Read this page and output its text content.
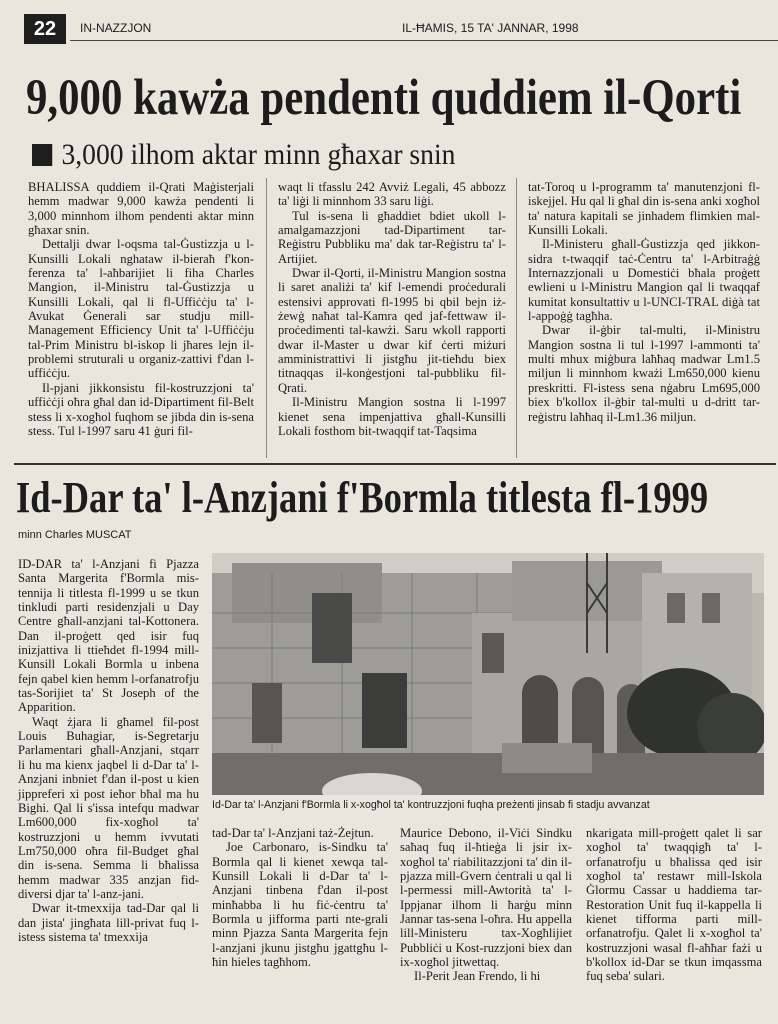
22	IN-NAZZJON	IL-ĦAMIS, 15 TA' JANNAR, 1998
9,000 kawża pendenti quddiem il-Qorti
3,000 ilhom aktar minn għaxar snin

BHALISSA quddiem il-Qrati Maġisterjali hemm madwar 9,000 kawża pendenti li 3,000 minnhom ilhom pendenti aktar minn għaxar snin.

Dettalji dwar l-oqsma tal-Ġustizzja u l-Kunsilli Lokali nghataw il-bieraħ f'kon-ferenza ta' l-aħbarijiet li fiha Charles Mangion, il-Ministru tal-Ġustizzja u Kunsilli Lokali, qal li fl-Uffiċċju ta' l-Avukat Ġenerali sar studju mill-Management Efficiency Unit ta' l-Uffiċċju tal-Prim Ministru bl-iskop li jħares lejn il-problemi struturali u organiz-zattivi f'dan l-uffiċċju.

Il-pjani jikkonsistu fil-kostruzzjoni ta' uffiċċji oħra għal dan id-Dipartiment fil-Belt stess li x-xogħol fuqhom se jibda din is-sena stess. Tul l-1997 saru 41 ġuri fil-

waqt li tfasslu 242 Avviż Legali, 45 abbozz ta' liġi li minnhom 33 saru liġi.

Tul is-sena li għaddiet bdiet ukoll l-amalgamazzjoni tad-Dipartiment tar-Reġistru Pubbliku ma' dak tar-Reġistru ta' l-Artijiet.

Dwar il-Qorti, il-Ministru Mangion sostna li saret analiżi ta' kif l-emendi proċedurali estensivi approvati fl-1995 bi qbil bejn iż-żewġ naħat tal-Kamra qed jaf-fettwaw il-proċedimenti tal-kawżi. Saru wkoll rapporti dwar il-Master u dwar kif ċerti miżuri amministrattivi li jistgħu jit-tieħdu biex titnaqqas il-konġestjoni tal-pubbliku fil-Qrati.

Il-Ministru Mangion sostna li l-1997 kienet sena impenjattiva għall-Kunsilli Lokali fosthom bit-twaqqif tat-Taqsima

tat-Toroq u l-programm ta' manutenzjoni fl-iskejjel. Hu qal li għal din is-sena anki xogħol ta' natura kapitali se jinhadem flimkien mal-Kunsilli Lokali.

Il-Ministeru għall-Ġustizzja qed jikkon-sidra t-twaqqif taċ-Ċentru ta' l-Arbitraġġ Internazzjonali u Domestiċi bħala proġett ewlieni u l-Ministru Mangion qal li twaqqaf kumitat konsultattiv u l-UNCI-TRAL diġà tat l-appoġġ tagħha.

Dwar il-ġbir tal-multi, il-Ministru Mangion sostna li tul l-1997 l-ammonti ta' multi mhux miġbura laħħaq madwar Lm1.5 miljun li minnhom kważi Lm650,000 kienu preskritti. Fl-istess sena nġabru Lm695,000 biex b'kollox il-ġbir tal-multi u d-dritt tar-reġistru laħħaq il-Lm1.36 miljun.

Id-Dar ta' l-Anzjani f'Bormla titlesta fl-1999
minn Charles MUSCAT

ID-DAR ta' l-Anzjani fi Pjazza Santa Margerita f'Bormla mis-tennija li titlesta fl-1999 u se tkun tinkludi parti residenzjali u Day Centre għall-anzjani tal-Kottonera. Dan il-proġett qed isir fuq inizjattiva li ttieħdet fl-1994 mill-Kunsill Lokali Bormla u inbena fejn qabel kien hemm l-orfanatrofju tas-Sorijiet ta' St Joseph of the Apparition.

Waqt żjara li għamel fil-post Louis Buhagiar, is-Segretarju Parlamentari għall-Anzjani, stqarr li hu ma kienx jaqbel li d-Dar ta' l-Anzjani inbniet f'dan il-post u kien jippreferi xi post ieħor bħal ma hu Bighi. Qal li s'issa intefqu madwar Lm600,000 fix-xogħol ta' kostruzzjoni u hemm ivvutati Lm750,000 oħra fil-Budget għal din is-sena. Semma li bħalissa hemm madwar 335 anzjan fid-diversi djar ta' l-anz-jani.

Dwar it-tmexxija tad-Dar qal li dan jista' jingħata lill-privat fuq l-istess sistema ta' tmexxija

Id-Dar ta' l-Anzjani f'Bormla li x-xogħol ta' kontruzzjoni fuqha preżenti jinsab fi stadju avvanzat

tad-Dar ta' l-Anzjani taż-Żejtun.

Joe Carbonaro, is-Sindku ta' Bormla qal li kienet xewqa tal-Kunsill Lokali li d-Dar ta' l-Anzjani tinbena f'dan il-post minħabba li hu fiċ-ċentru ta' Bormla u jifforma parti nte-grali minn Pjazza Santa Margerita fejn l-anzjani jkunu jistgħu jgattgħu l-ħin hieles tagħhom.

Maurice Debono, il-Viċi Sindku saħaq fuq il-ħtieġa li jsir ix-xogħol ta' riabilitazzjoni ta' din il-pjazza mill-Gvern ċentrali u qal li l-permessi mill-Awtorità ta' l-Ippjanar ilhom li ħarġu minn Jannar tas-sena l-oħra. Hu appella lill-Ministeru tax-Xogħlijiet Pubbliċi u Kost-ruzzjoni biex dan ix-xogħol jitwettaq.

Il-Perit Jean Frendo, li hi

nkarigata mill-proġett qalet li sar xogħol ta' twaqqigħ ta' l-orfanatrofju u bħalissa qed isir xogħol ta' restawr mill-Iskola Ġlormu Cassar u haddiema tar-Restoration Unit fuq il-kappella li kienet tifforma parti mill-orfanatrofju. Qalet li x-xogħol ta' kostruzzjoni wasal fl-aħħar fażi u b'kollox id-Dar se tkun imqassma fuq seba' sulari.
